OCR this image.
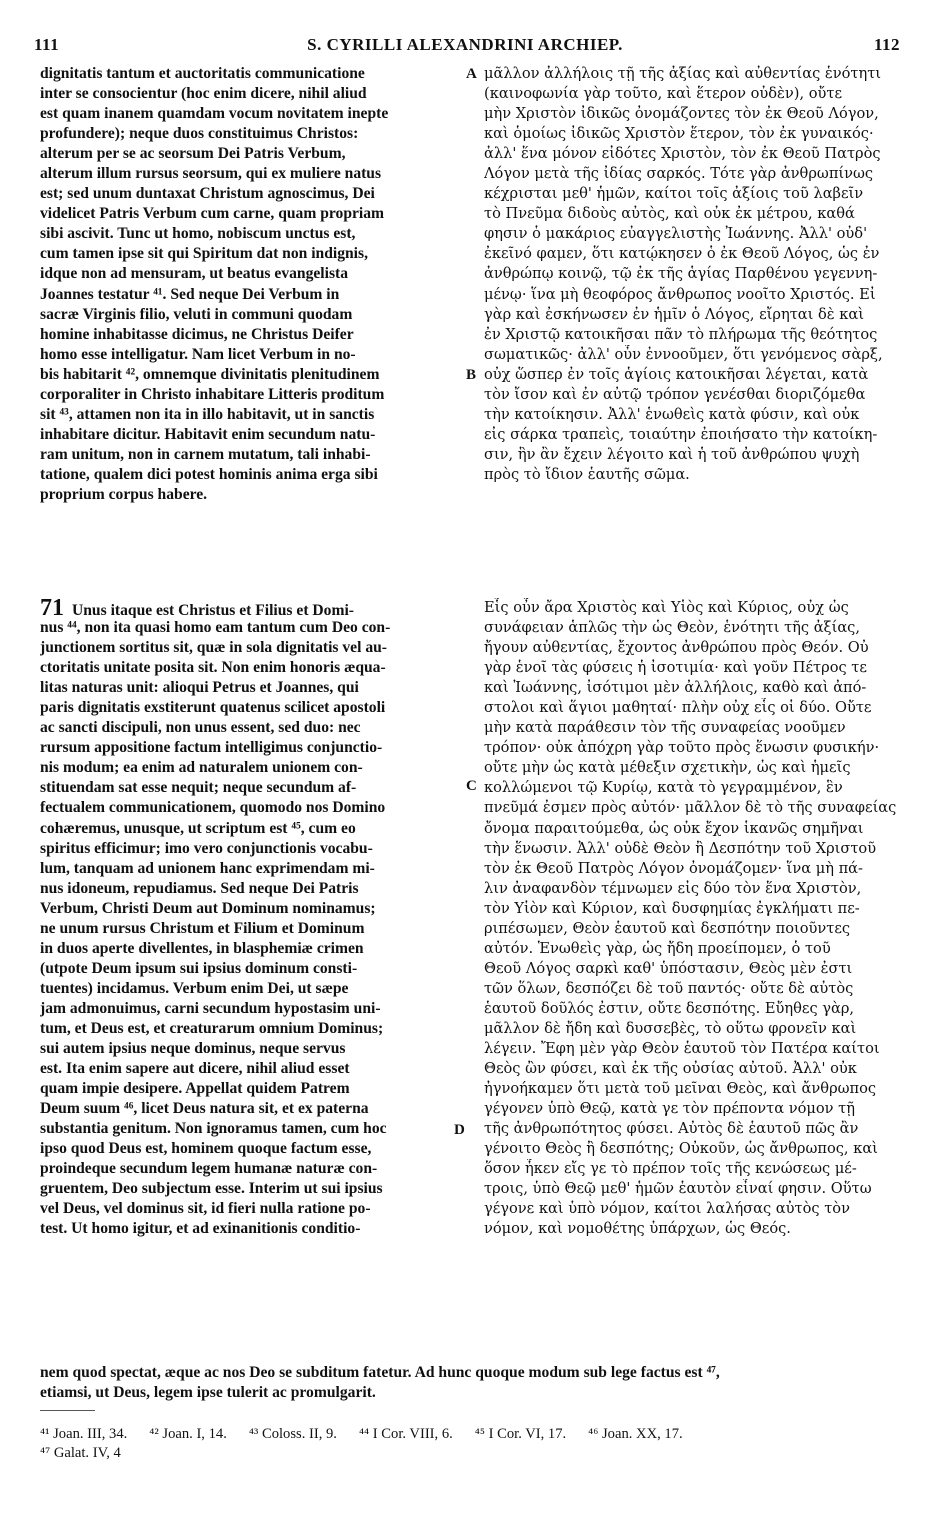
111	S. CYRILLI ALEXANDRINI ARCHIEP.	112
dignitatis tantum et auctoritatis communicatione
inter se consocientur (hoc enim dicere, nihil aliud
est quam inanem quamdam vocum novitatem inepte
profundere); neque duos constituimus Christos:
alterum per se ac seorsum Dei Patris Verbum,
alterum illum rursus seorsum, qui ex muliere natus
est; sed unum duntaxat Christum agnoscimus, Dei
videlicet Patris Verbum cum carne, quam propriam
sibi ascivit. Tunc ut homo, nobiscum unctus est,
cum tamen ipse sit qui Spiritum dat non indignis,
idque non ad mensuram, ut beatus evangelista
Joannes testatur ⁴¹. Sed neque Dei Verbum in
sacræ Virginis filio, veluti in communi quodam
homine inhabitasse dicimus, ne Christus Deifer
homo esse intelligatur. Nam licet Verbum in no-
bis habitarit ⁴², omnemque divinitatis plenitudinem
corporaliter in Christo inhabitare Litteris proditum
sit ⁴³, attamen non ita in illo habitavit, ut in sanctis
inhabitare dicitur. Habitavit enim secundum natu-
ram unitum, non in carnem mutatum, tali inhabi-
tatione, qualem dici potest hominis anima erga sibi
proprium corpus habere.
μᾶλλον ἀλλήλοις τῇ τῆς ἀξίας καὶ αὐθεντίας ἑνότητι
(καινοφωνία γὰρ τοῦτο, καὶ ἕτερον οὐδὲν), οὔτε
μὴν Χριστὸν ἰδικῶς ὀνομάζοντες τὸν ἐκ Θεοῦ Λόγον,
καὶ ὁμοίως ἰδικῶς Χριστὸν ἕτερον, τὸν ἐκ γυναικός·
ἀλλ' ἕνα μόνον εἰδότες Χριστὸν, τὸν ἐκ Θεοῦ Πατρὸς
Λόγον μετὰ τῆς ἰδίας σαρκός. Τότε γὰρ ἀνθρωπίνως
κέχρισται μεθ' ἡμῶν, καίτοι τοῖς ἀξίοις τοῦ λαβεῖν
τὸ Πνεῦμα διδοὺς αὐτὸς, καὶ οὐκ ἐκ μέτρου, καθά
φησιν ὁ μακάριος εὐαγγελιστὴς Ἰωάννης. Ἀλλ' οὐδ'
ἐκεῖνό φαμεν, ὅτι κατῴκησεν ὁ ἐκ Θεοῦ Λόγος, ὡς ἐν
ἀνθρώπῳ κοινῷ, τῷ ἐκ τῆς ἁγίας Παρθένου γεγεννη-
μένῳ· ἵνα μὴ θεοφόρος ἄνθρωπος νοοῖτο Χριστός. Εἰ
γὰρ καὶ ἐσκήνωσεν ἐν ἡμῖν ὁ Λόγος, εἴρηται δὲ καὶ
ἐν Χριστῷ κατοικῆσαι πᾶν τὸ πλήρωμα τῆς θεότητος
σωματικῶς· ἀλλ' οὖν ἐννοοῦμεν, ὅτι γενόμενος σὰρξ,
οὐχ ὥσπερ ἐν τοῖς ἁγίοις κατοικῆσαι λέγεται, κατὰ
τὸν ἴσον καὶ ἐν αὐτῷ τρόπον γενέσθαι διοριζόμεθα
τὴν κατοίκησιν. Ἀλλ' ἑνωθεὶς κατὰ φύσιν, καὶ οὐκ
εἰς σάρκα τραπεὶς, τοιαύτην ἐποιήσατο τὴν κατοίκη-
σιν, ἣν ἂν ἔχειν λέγοιτο καὶ ἡ τοῦ ἀνθρώπου ψυχὴ
πρὸς τὸ ἴδιον ἑαυτῆς σῶμα.
71 Unus itaque est Christus et Filius et Domi-
nus ⁴⁴, non ita quasi homo eam tantum cum Deo con-
junctionem sortitus sit, quæ in sola dignitatis vel au-
ctoritatis unitate posita sit. Non enim honoris æqua-
litas naturas unit: alioqui Petrus et Joannes, qui
paris dignitatis exstiterunt quatenus scilicet apostoli
ac sancti discipuli, non unus essent, sed duo: nec
rursum appositione factum intelligimus conjunctio-
nis modum; ea enim ad naturalem unionem con-
stituendam sat esse nequit; neque secundum af-
fectualem communicationem, quomodo nos Domino
cohæremus, unusque, ut scriptum est ⁴⁵, cum eo
spiritus efficimur; imo vero conjunctionis vocabu-
lum, tanquam ad unionem hanc exprimendam mi-
nus idoneum, repudiamus. Sed neque Dei Patris
Verbum, Christi Deum aut Dominum nominamus;
ne unum rursus Christum et Filium et Dominum
in duos aperte divellentes, in blasphemiæ crimen
(utpote Deum ipsum sui ipsius dominum consti-
tuentes) incidamus. Verbum enim Dei, ut sæpe
jam admonuimus, carni secundum hypostasim uni-
tum, et Deus est, et creaturarum omnium Dominus;
sui autem ipsius neque dominus, neque servus
est. Ita enim sapere aut dicere, nihil aliud esset
quam impie desipere. Appellat quidem Patrem
Deum suum ⁴⁶, licet Deus natura sit, et ex paterna
substantia genitum. Non ignoramus tamen, cum hoc
ipso quod Deus est, hominem quoque factum esse,
proindeque secundum legem humanæ naturæ con-
gruentem, Deo subjectum esse. Interim ut sui ipsius
vel Deus, vel dominus sit, id fieri nulla ratione po-
test. Ut homo igitur, et ad exinanitionis conditio-
Εἷς οὖν ἄρα Χριστὸς καὶ Υἱὸς καὶ Κύριος, οὐχ ὡς
συνάφειαν ἁπλῶς τὴν ὡς Θεὸν, ἑνότητι τῆς ἀξίας,
ἤγουν αὐθεντίας, ἔχοντος ἀνθρώπου πρὸς Θεόν. Οὐ
γὰρ ἑνοῖ τὰς φύσεις ἡ ἰσοτιμία· καὶ γοῦν Πέτρος τε
καὶ Ἰωάννης, ἰσότιμοι μὲν ἀλλήλοις, καθὸ καὶ ἀπό-
στολοι καὶ ἅγιοι μαθηταί· πλὴν οὐχ εἷς οἱ δύο. Οὔτε
μὴν κατὰ παράθεσιν τὸν τῆς συναφείας νοοῦμεν
τρόπον· οὐκ ἀπόχρη γὰρ τοῦτο πρὸς ἕνωσιν φυσικήν·
οὔτε μὴν ὡς κατὰ μέθεξιν σχετικὴν, ὡς καὶ ἡμεῖς
κολλώμενοι τῷ Κυρίῳ, κατὰ τὸ γεγραμμένον, ἓν
πνεῦμά ἐσμεν πρὸς αὐτόν· μᾶλλον δὲ τὸ τῆς συναφείας
ὄνομα παραιτούμεθα, ὡς οὐκ ἔχον ἱκανῶς σημῆναι
τὴν ἕνωσιν. Ἀλλ' οὐδὲ Θεὸν ἢ Δεσπότην τοῦ Χριστοῦ
τὸν ἐκ Θεοῦ Πατρὸς Λόγον ὀνομάζομεν· ἵνα μὴ πά-
λιν ἀναφανδὸν τέμνωμεν εἰς δύο τὸν ἕνα Χριστὸν,
τὸν Υἱὸν καὶ Κύριον, καὶ δυσφημίας ἐγκλήματι πε-
ριπέσωμεν, Θεὸν ἑαυτοῦ καὶ δεσπότην ποιοῦντες
αὐτόν. Ἑνωθεὶς γὰρ, ὡς ἤδη προείπομεν, ὁ τοῦ
Θεοῦ Λόγος σαρκὶ καθ' ὑπόστασιν, Θεὸς μὲν ἐστι
τῶν ὅλων, δεσπόζει δὲ τοῦ παντός· οὔτε δὲ αὐτὸς
ἑαυτοῦ δοῦλός ἐστιν, οὔτε δεσπότης. Εὔηθες γὰρ,
μᾶλλον δὲ ἤδη καὶ δυσσεβὲς, τὸ οὕτω φρονεῖν καὶ
λέγειν. Ἔφη μὲν γὰρ Θεὸν ἑαυτοῦ τὸν Πατέρα καίτοι
Θεὸς ὢν φύσει, καὶ ἐκ τῆς οὐσίας αὐτοῦ. Ἀλλ' οὐκ
ἠγνοήκαμεν ὅτι μετὰ τοῦ μεῖναι Θεὸς, καὶ ἄνθρωπος
γέγονεν ὑπὸ Θεῷ, κατὰ γε τὸν πρέποντα νόμον τῇ
τῆς ἀνθρωπότητος φύσει. Αὐτὸς δὲ ἑαυτοῦ πῶς ἂν
γένοιτο Θεὸς ἢ δεσπότης; Οὐκοῦν, ὡς ἄνθρωπος, καὶ
ὅσον ἧκεν εἴς γε τὸ πρέπον τοῖς τῆς κενώσεως μέ-
τροις, ὑπὸ Θεῷ μεθ' ἡμῶν ἑαυτὸν εἶναί φησιν. Οὕτω
γέγονε καὶ ὑπὸ νόμον, καίτοι λαλήσας αὐτὸς τὸν
νόμον, καὶ νομοθέτης ὑπάρχων, ὡς Θεός.
nem quod spectat, æque ac nos Deo se subditum fatetur. Ad hunc quoque modum sub lege factus est ⁴⁷,
etiamsi, ut Deus, legem ipse tulerit ac promulgarit.
A
B
C
D
⁴¹ Joan. III, 34. ⁴² Joan. I, 14. ⁴³ Coloss. II, 9. ⁴⁴ I Cor. VIII, 6. ⁴⁵ I Cor. VI, 17. ⁴⁶ Joan. XX, 17.
⁴⁷ Galat. IV, 4
